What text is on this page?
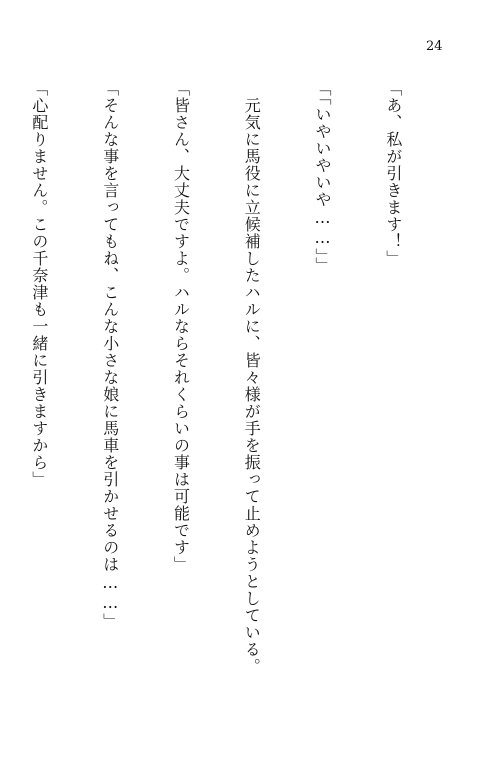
24

「あ、私が引きます！」

「「いやいやいや……」」

　元気に馬役に立候補したハルに、皆々様が手を振って止めようとしている。

「皆さん、大丈夫ですよ。ハルならそれくらいの事は可能です」

「そんな事を言ってもね、こんな小さな娘に馬車を引かせるのは……」

「心配りません。この千奈津も一緒に引きますから」
